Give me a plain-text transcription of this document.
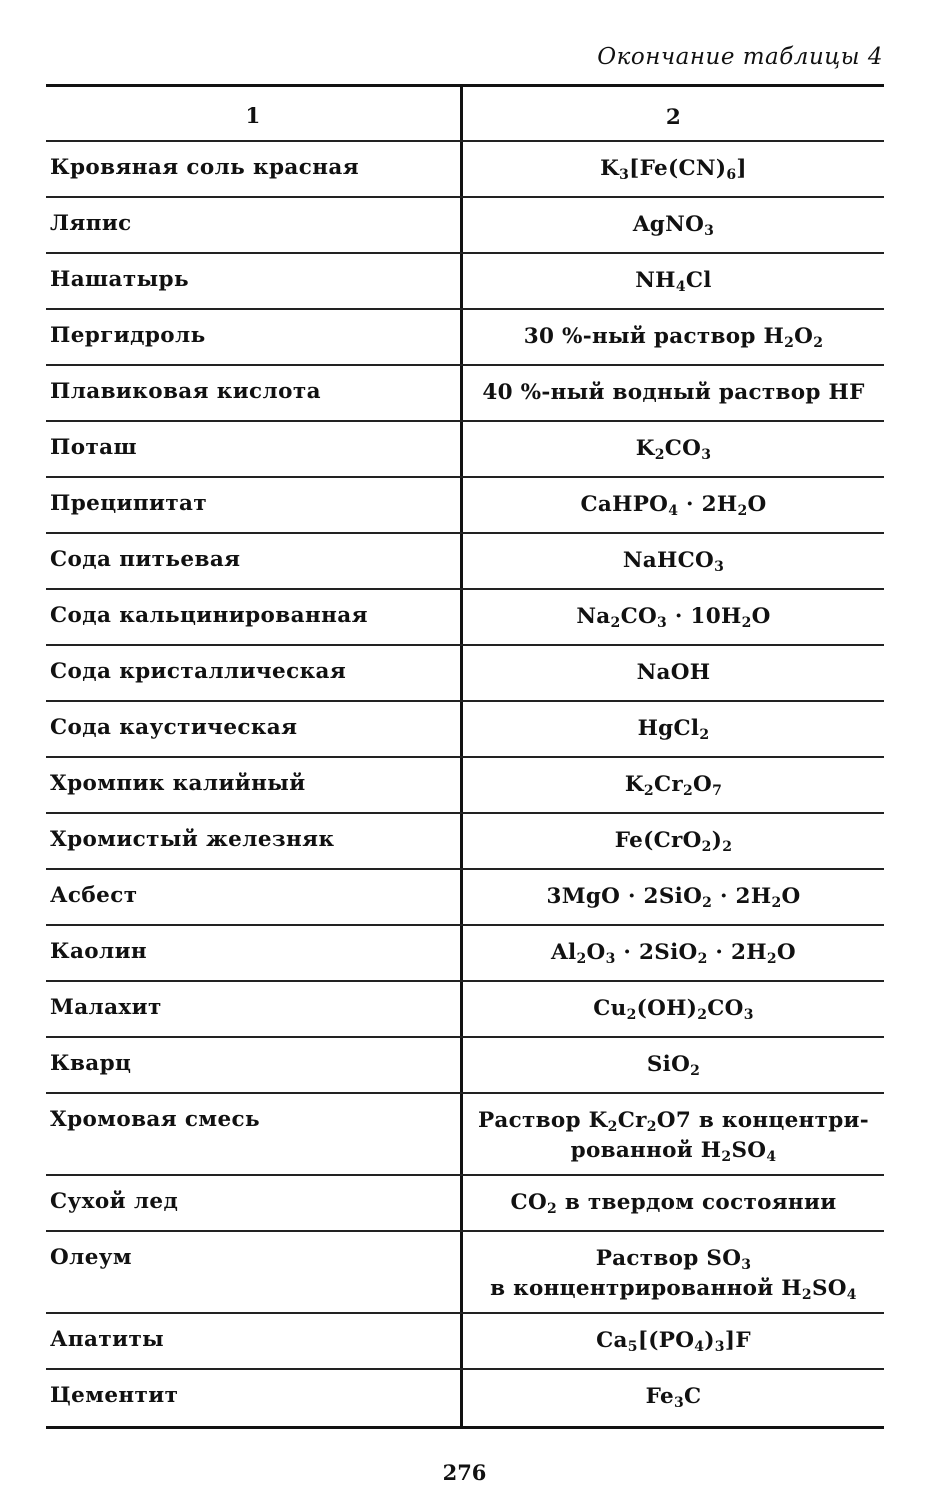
Окончание таблицы 4
1	2
Кровяная соль красная	$K_3[Fe(CN)_6]$
Ляпис	AgNO$_3$
Нашатырь	$NH_4Cl$
Пергидроль	30 %-ный раствор $H_2O_2$
Плавиковая кислота	40 %-ный водный раствор HF
Поташ	$K_2CO_3$
Преципитат	CaHPO$_4$ · $2H_2O$
Сода питьевая	NaHCO$_3$
Сода кальцинированная	$Na_2CO_3 \cdot 10H_2O$
Сода кристаллическая	NaOH
Сода каустическая	HgCl$_2$
Хромпик калийный	$K_2Cr_2O_7$
Хромистый железняк	$Fe(CrO_2)_2$
Асбест	$3MgO \cdot 2SiO_2 \cdot 2H_2O$
Каолин	$Al_2O_3 \cdot 2SiO_2 \cdot 2H_2O$
Малахит	$Cu_2(OH)_2CO_3$
Кварц	SiO$_2$
Хромовая смесь	Раствор $K_2Cr_2O7$ в концентри-
рованной $H_2SO_4$
Сухой лед	$CO_2$ в твердом состоянии
Олеум	Раствор $SO_3$
в концентрированной $H_2SO_4$
Апатиты	$Ca_5[(PO_4)_3]F$
Цементит	$Fe_3C$
276
